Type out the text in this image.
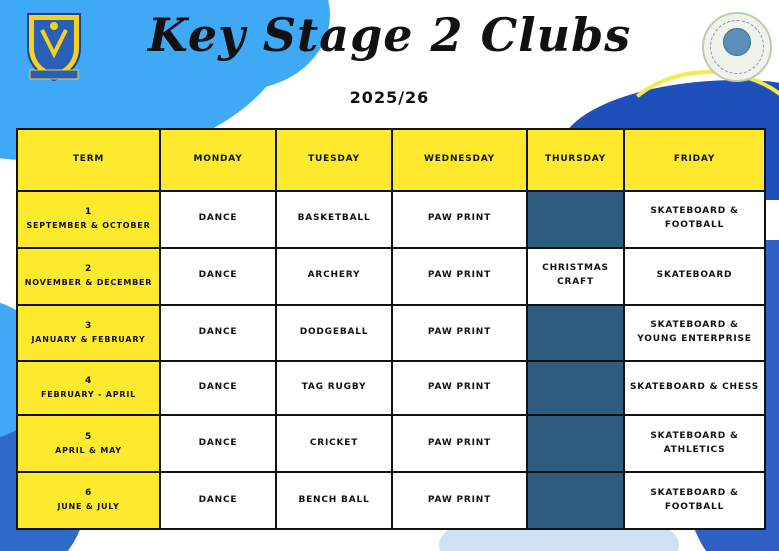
Key Stage 2 Clubs
2025/26
TERM	MONDAY	TUESDAY	WEDNESDAY	THURSDAY	FRIDAY

1
SEPTEMBER & OCTOBER	DANCE	BASKETBALL	PAW PRINT		SKATEBOARD & FOOTBALL

2
NOVEMBER & DECEMBER	DANCE	ARCHERY	PAW PRINT	CHRISTMAS CRAFT	SKATEBOARD

3
JANUARY & FEBRUARY	DANCE	DODGEBALL	PAW PRINT		SKATEBOARD & YOUNG ENTERPRISE

4
FEBRUARY - APRIL	DANCE	TAG RUGBY	PAW PRINT		SKATEBOARD & CHESS

5
APRIL & MAY	DANCE	CRICKET	PAW PRINT		SKATEBOARD & ATHLETICS

6
JUNE & JULY	DANCE	BENCH BALL	PAW PRINT		SKATEBOARD & FOOTBALL
